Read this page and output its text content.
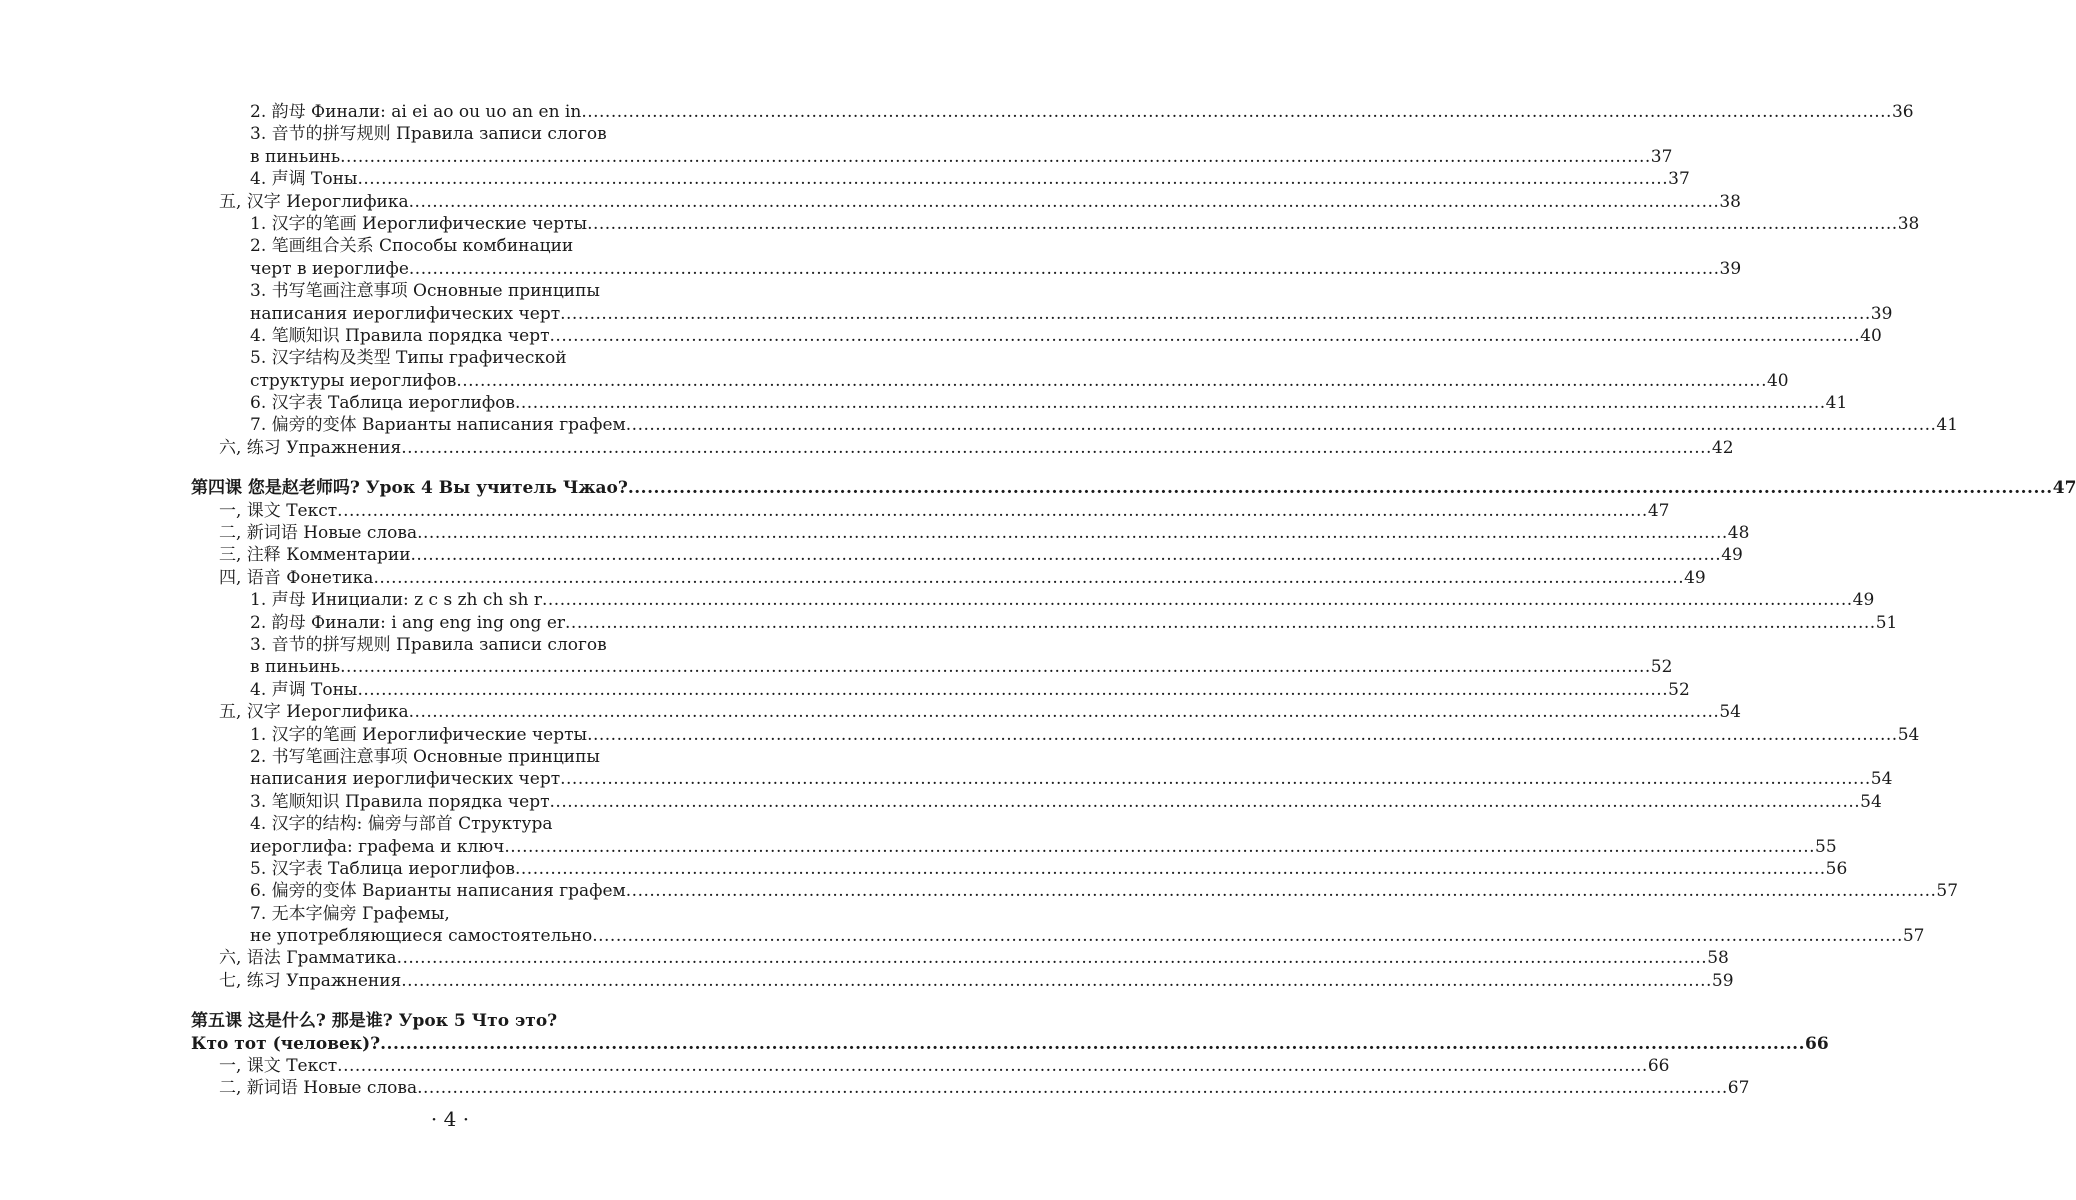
2. 韵母 Финали: ai ei ao ou uo an en in .....	36
3. 音节的拼写规则 Правила записи слогов
в пиньинь .....	37
4. 声调 Тоны .....	37
五, 汉字 Иероглифика .....	38
1. 汉字的笔画 Иероглифические черты .....	38
2. 笔画组合关系 Способы комбинации
черт в иероглифе .....	39
3. 书写笔画注意事项 Основные принципы
написания иероглифических черт .....	39
4. 笔顺知识 Правила порядка черт .....	40
5. 汉字结构及类型 Типы графической
структуры иероглифов .....	40
6. 汉字表 Таблица иероглифов .....	41
7. 偏旁的变体 Варианты написания графем .....	41
六, 练习 Упражнения .....	42
第四课 您是赵老师吗? Урок 4 Вы учитель Чжао? .....	47
一, 课文 Текст .....	47
二, 新词语 Новые слова .....	48
三, 注释 Комментарии .....	49
四, 语音 Фонетика .....	49
1. 声母 Инициали: z c s zh ch sh r .....	49
2. 韵母 Финали: i ang eng ing ong er .....	51
3. 音节的拼写规则 Правила записи слогов
в пиньинь .....	52
4. 声调 Тоны .....	52
五, 汉字 Иероглифика .....	54
1. 汉字的笔画 Иероглифические черты .....	54
2. 书写笔画注意事项 Основные принципы
написания иероглифических черт .....	54
3. 笔顺知识 Правила порядка черт .....	54
4. 汉字的结构: 偏旁与部首 Структура
иероглифа: графема и ключ .....	55
5. 汉字表 Таблица иероглифов .....	56
6. 偏旁的变体 Варианты написания графем .....	57
7. 无本字偏旁 Графемы,
не употребляющиеся самостоятельно .....	57
六, 语法 Грамматика .....	58
七, 练习 Упражнения .....	59
第五课 这是什么? 那是谁? Урок 5 Что это?
Кто тот (человек)? .....	66
一, 课文 Текст .....	66
二, 新词语 Новые слова .....	67
· 4 ·
